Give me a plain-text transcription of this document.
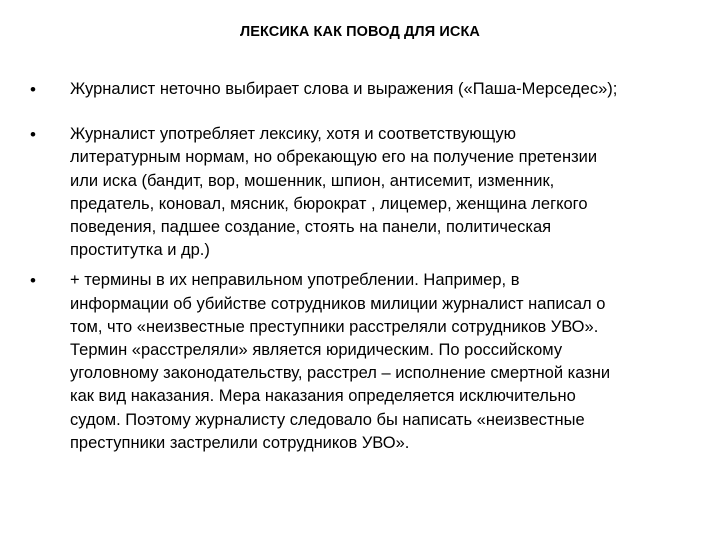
ЛЕКСИКА КАК ПОВОД ДЛЯ ИСКА
•	Журналист неточно выбирает слова и выражения («Паша-Мерседес»);
•	Журналист употребляет лексику, хотя и соответствующую
литературным нормам, но обрекающую его на получение претензии
или иска (бандит, вор, мошенник, шпион, антисемит, изменник,
предатель, коновал, мясник, бюрократ , лицемер, женщина легкого
поведения, падшее создание, стоять на панели, политическая
проститутка и др.)
•	+ термины в их неправильном употреблении. Например, в
информации об убийстве сотрудников милиции журналист написал о
том, что «неизвестные преступники расстреляли сотрудников УВО».
Термин «расстреляли» является юридическим. По российскому
уголовному законодательству, расстрел – исполнение смертной казни
как вид наказания. Мера наказания определяется исключительно
судом. Поэтому журналисту следовало бы написать «неизвестные
преступники застрелили сотрудников УВО».
